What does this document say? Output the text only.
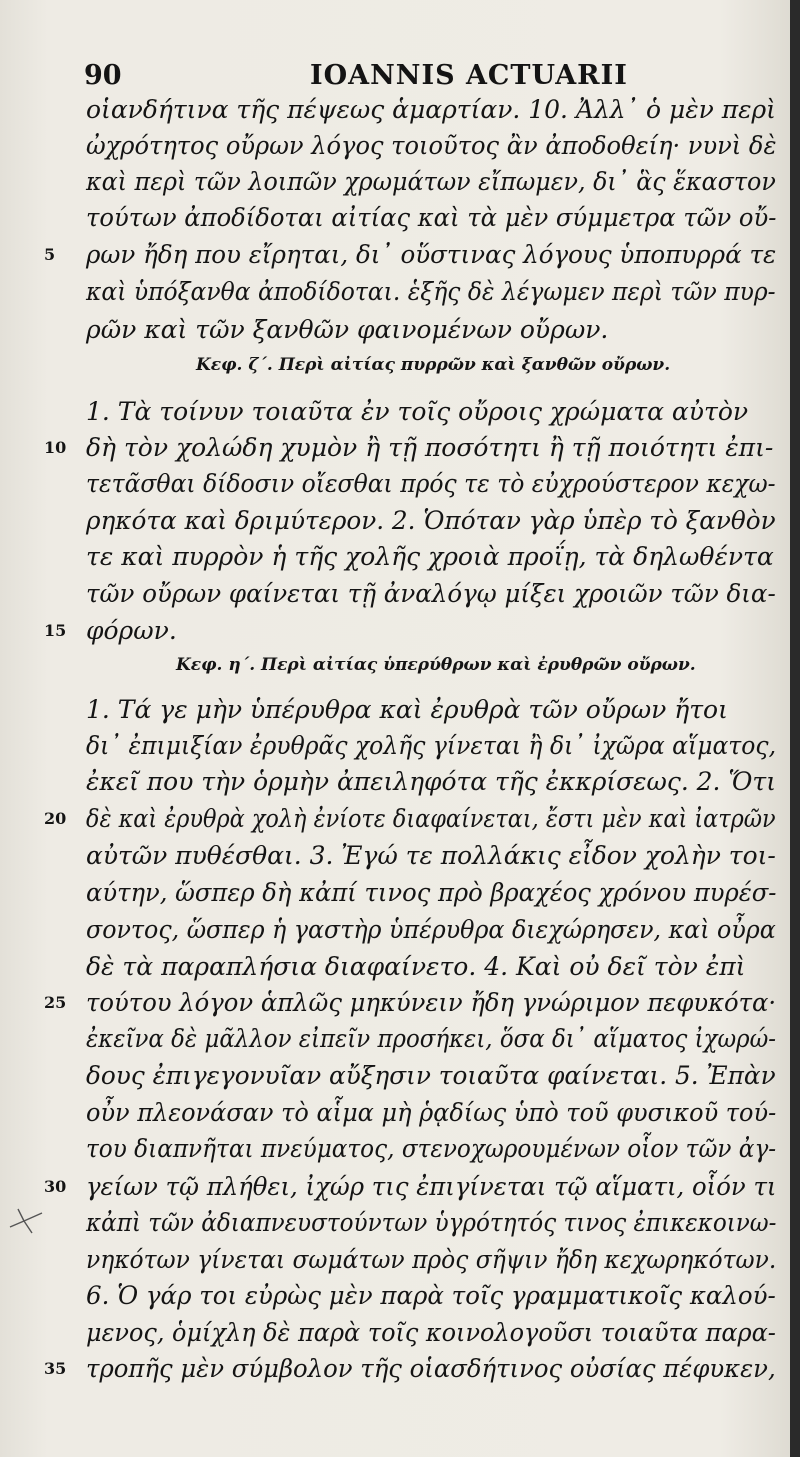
90	IOANNIS ACTUARII
οἱανδήτινα τῆς πέψεως ἁμαρτίαν. 10. Ἀλλ᾽ ὁ μὲν περὶ
ὠχρότητος οὔρων λόγος τοιοῦτος ἂν ἀποδοθείη· νυνὶ δὲ
καὶ περὶ τῶν λοιπῶν χρωμάτων εἴπωμεν, δι᾽ ἃς ἕκαστον
τούτων ἀποδίδοται αἰτίας καὶ τὰ μὲν σύμμετρα τῶν οὔ-
ρων ἤδη που εἴρηται, δι᾽ οὕστινας λόγους ὑποπυρρά τε
5
καὶ ὑπόξανθα ἀποδίδοται. ἑξῆς δὲ λέγωμεν περὶ τῶν πυρ-
ρῶν καὶ τῶν ξανθῶν φαινομένων οὔρων.
1. Τὰ τοίνυν τοιαῦτα ἐν τοῖς οὔροις χρώματα αὐτὸν
δὴ τὸν χολώδη χυμὸν ἢ τῇ ποσότητι ἢ τῇ ποιότητι ἐπι-
10
τετᾶσθαι δίδοσιν οἴεσθαι πρός τε τὸ εὐχρούστερον κεχω-
ρηκότα καὶ δριμύτερον. 2. Ὁπόταν γὰρ ὑπὲρ τὸ ξανθὸν
τε καὶ πυρρὸν ἡ τῆς χολῆς χροιὰ προΐῃ, τὰ δηλωθέντα
τῶν οὔρων φαίνεται τῇ ἀναλόγῳ μίξει χροιῶν τῶν δια-
φόρων.
15
1. Τά γε μὴν ὑπέρυθρα καὶ ἐρυθρὰ τῶν οὔρων ἤτοι
δι᾽ ἐπιμιξίαν ἐρυθρᾶς χολῆς γίνεται ἢ δι᾽ ἰχῶρα αἵματος,
ἐκεῖ που τὴν ὁρμὴν ἀπειληφότα τῆς ἐκκρίσεως. 2. Ὅτι
δὲ καὶ ἐρυθρὰ χολὴ ἐνίοτε διαφαίνεται, ἔστι μὲν καὶ ἰατρῶν
20
αὐτῶν πυθέσθαι. 3. Ἐγώ τε πολλάκις εἶδον χολὴν τοι-
αύτην, ὥσπερ δὴ κἀπί τινος πρὸ βραχέος χρόνου πυρέσ-
σοντος, ὥσπερ ἡ γαστὴρ ὑπέρυθρα διεχώρησεν, καὶ οὖρα
δὲ τὰ παραπλήσια διαφαίνετο. 4. Καὶ οὐ δεῖ τὸν ἐπὶ
τούτου λόγον ἁπλῶς μηκύνειν ἤδη γνώριμον πεφυκότα·
25
ἐκεῖνα δὲ μᾶλλον εἰπεῖν προσήκει, ὅσα δι᾽ αἵματος ἰχωρώ-
δους ἐπιγεγονυῖαν αὔξησιν τοιαῦτα φαίνεται. 5. Ἐπὰν
οὖν πλεονάσαν τὸ αἷμα μὴ ῥᾳδίως ὑπὸ τοῦ φυσικοῦ τού-
του διαπνῆται πνεύματος, στενοχωρουμένων οἷον τῶν ἀγ-
γείων τῷ πλήθει, ἰχώρ τις ἐπιγίνεται τῷ αἵματι, οἷόν τι
30
κἀπὶ τῶν ἀδιαπνευστούντων ὑγρότητός τινος ἐπικεκοινω-
νηκότων γίνεται σωμάτων πρὸς σῆψιν ἤδη κεχωρηκότων.
6. Ὁ γάρ τοι εὐρὼς μὲν παρὰ τοῖς γραμματικοῖς καλού-
μενος, ὁμίχλη δὲ παρὰ τοῖς κοινολογοῦσι τοιαῦτα παρα-
τροπῆς μὲν σύμβολον τῆς οἱασδήτινος οὐσίας πέφυκεν,
35
Κεφ. ζ΄. Περὶ αἰτίας πυρρῶν καὶ ξανθῶν οὔρων.
Κεφ. η΄. Περὶ αἰτίας ὑπερύθρων καὶ ἐρυθρῶν οὔρων.
